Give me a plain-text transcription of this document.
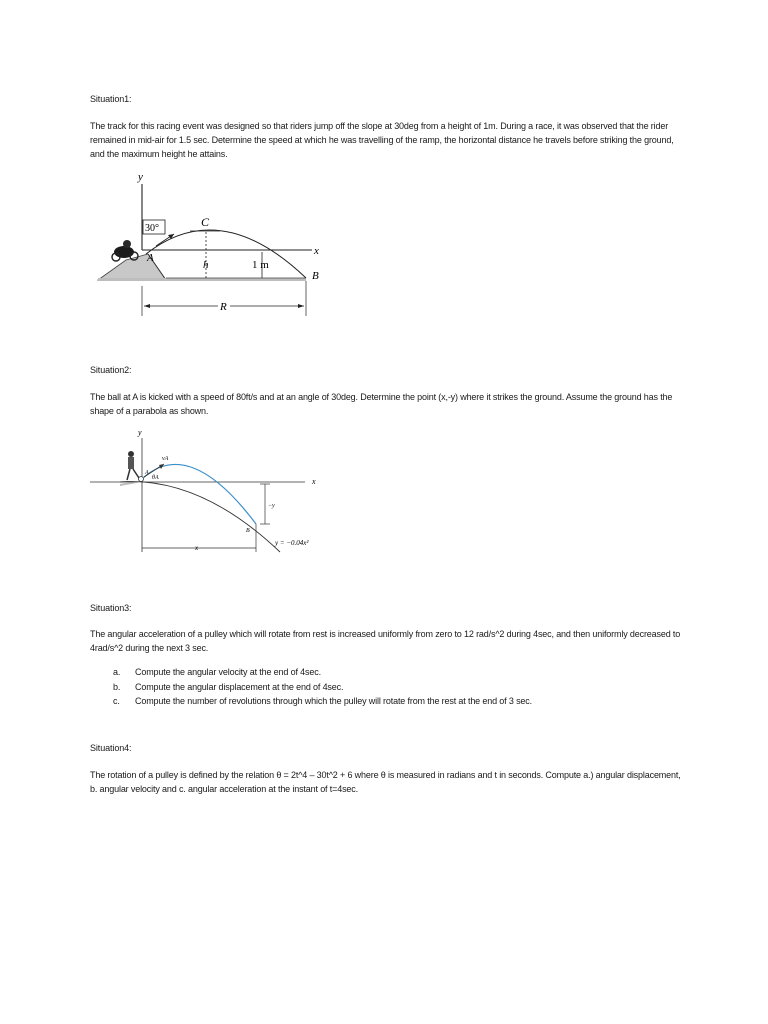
Situation1:
The track for this racing event was designed so that riders jump off the slope at 30deg from a height of 1m. During a race, it was observed that the rider remained in mid-air for 1.5 sec. Determine the speed at which he was travelling of the ramp, the horizontal distance he travels before striking the ground, and the maximum height he attains.
y
x
30°	C
h	1 m
A
B
R
Situation2:
The ball at A is kicked with a speed of 80ft/s and at an angle of 30deg. Determine the point (x,-y) where it strikes the ground. Assume the ground has the shape of a parabola as shown.
y
x
vA
θA
A
B
−y
x
y = −0.04x²
Situation3:
The angular acceleration of a pulley which will rotate from rest is increased uniformly from zero to 12 rad/s^2 during 4sec, and then uniformly decreased to 4rad/s^2 during the next 3 sec.
a.	Compute the angular velocity at the end of 4sec.
b.	Compute the angular displacement at the end of 4sec.
c.	Compute the number of revolutions through which the pulley will rotate from the rest at the end of 3 sec.
Situation4:
The rotation of a pulley is defined by the relation θ = 2t^4 – 30t^2 + 6 where θ is measured in radians and t in seconds. Compute a.) angular displacement, b. angular velocity and c. angular acceleration at the instant of t=4sec.
